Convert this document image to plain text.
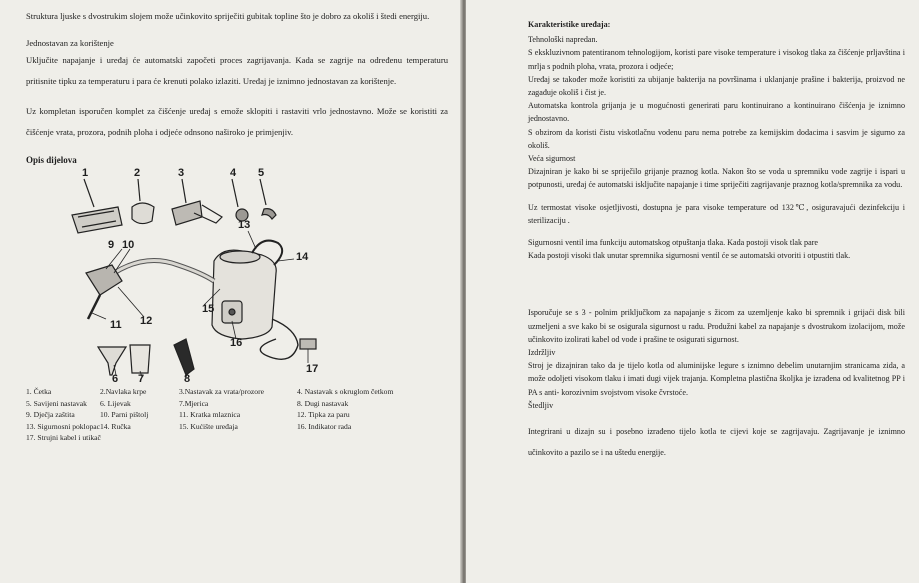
Struktura ljuske s dvostrukim slojem može učinkovito spriječiti gubitak topline što je dobro za okoliš i štedi energiju.

Jednostavan za korištenje

Uključite napajanje i uređaj će automatski započeti proces zagrijavanja. Kada se zagrije na određenu temperaturu pritisnite tipku za temperaturu i para će krenuti polako izlaziti. Uređaj je iznimno jednostavan za korištenje.

Uz kompletan isporučen komplet za čišćenje uređaj s emože sklopiti i rastaviti vrlo jednostavno. Može se koristiti za čišćenje vrata, prozora, podnih ploha i odjeće odnsono naširoko je primjenjiv.

Opis dijelova

1	2	3	4 5
13
9 10
14
12
15
11
16
6 7	8
17
1. Četka	2.Navlaka krpe	3.Nastavak za vrata/prozore	4. Nastavak s okruglom četkom
5. Savijeni nastavak	6. Lijevak	7.Mjerica	8. Dugi nastavak
9. Dječja zaštita	10. Parni pištolj	11. Kratka mlaznica	12. Tipka za paru
13. Sigurnosni poklopac 14. Ručka	15. Kućište uređaja	16. Indikator rada
17. Strujni kabel i utikač

Karakteristike uređaja:

Tehnološki napredan.

S ekskluzivnom patentiranom tehnologijom, koristi pare visoke temperature i visokog tlaka za čišćenje prljavština i mrlja s podnih ploha, vrata, prozora i odjeće;

Uređaj se također može koristiti za ubijanje bakterija na površinama i uklanjanje prašine i bakterija, proizvod ne zagađuje okoliš i čist je.

Automatska kontrola grijanja je u mogućnosti generirati paru kontinuirano a kontinuirano čišćenja je iznimno jednostavno.

S obzirom da koristi čistu viskotlačnu vodenu paru nema potrebe za kemijskim dodacima i sasvim je sigurno za okoliš.

Veća sigurnost

Dizajniran je kako bi se spriječilo grijanje praznog kotla. Nakon što se voda u spremniku vode zagrije i ispari u potpunosti, uređaj će automatski isključite napajanje i time spriječiti zagrijavanje praznog kotla/spremnika za vodu.

Uz termostat visoke osjetljivosti, dostupna je para visoke temperature od 132℃, osiguravajući dezinfekciju i sterilizaciju .

Sigurnosni ventil ima funkciju automatskog otpuštanja tlaka. Kada postoji visok tlak pare

Kada postoji visoki tlak unutar spremnika sigurnosni ventil će se automatski otvoriti i otpustiti tlak.

Isporučuje se s 3 - polnim priključkom za napajanje s žicom za uzemljenje kako bi spremnik i grijaći disk bili uzmeljeni a sve kako bi se osigurala sigurnost u radu. Produžni kabel za napajanje s dvostrukom izolacijom, može učinkovito izolirati kabel od vode i prašine te osigurati sigurnost.

Izdržljiv

Stroj je dizajniran tako da je tijelo kotla od aluminijske legure s iznimno debelim unutarnjim stranicama zida, a može odoljeti visokom tlaku i imati dugi vijek trajanja. Kompletna plastična školjka je izrađena od kvalitetnog PP i PA s anti- korozivnim svojstvom visoke čvrstoće.

Štedljiv

Integrirani u dizajn su i posebno izrađeno tijelo kotla te cijevi koje se zagrijavaju. Zagrijavanje je iznimno učinkovito a pazilo se i na uštedu energije.
